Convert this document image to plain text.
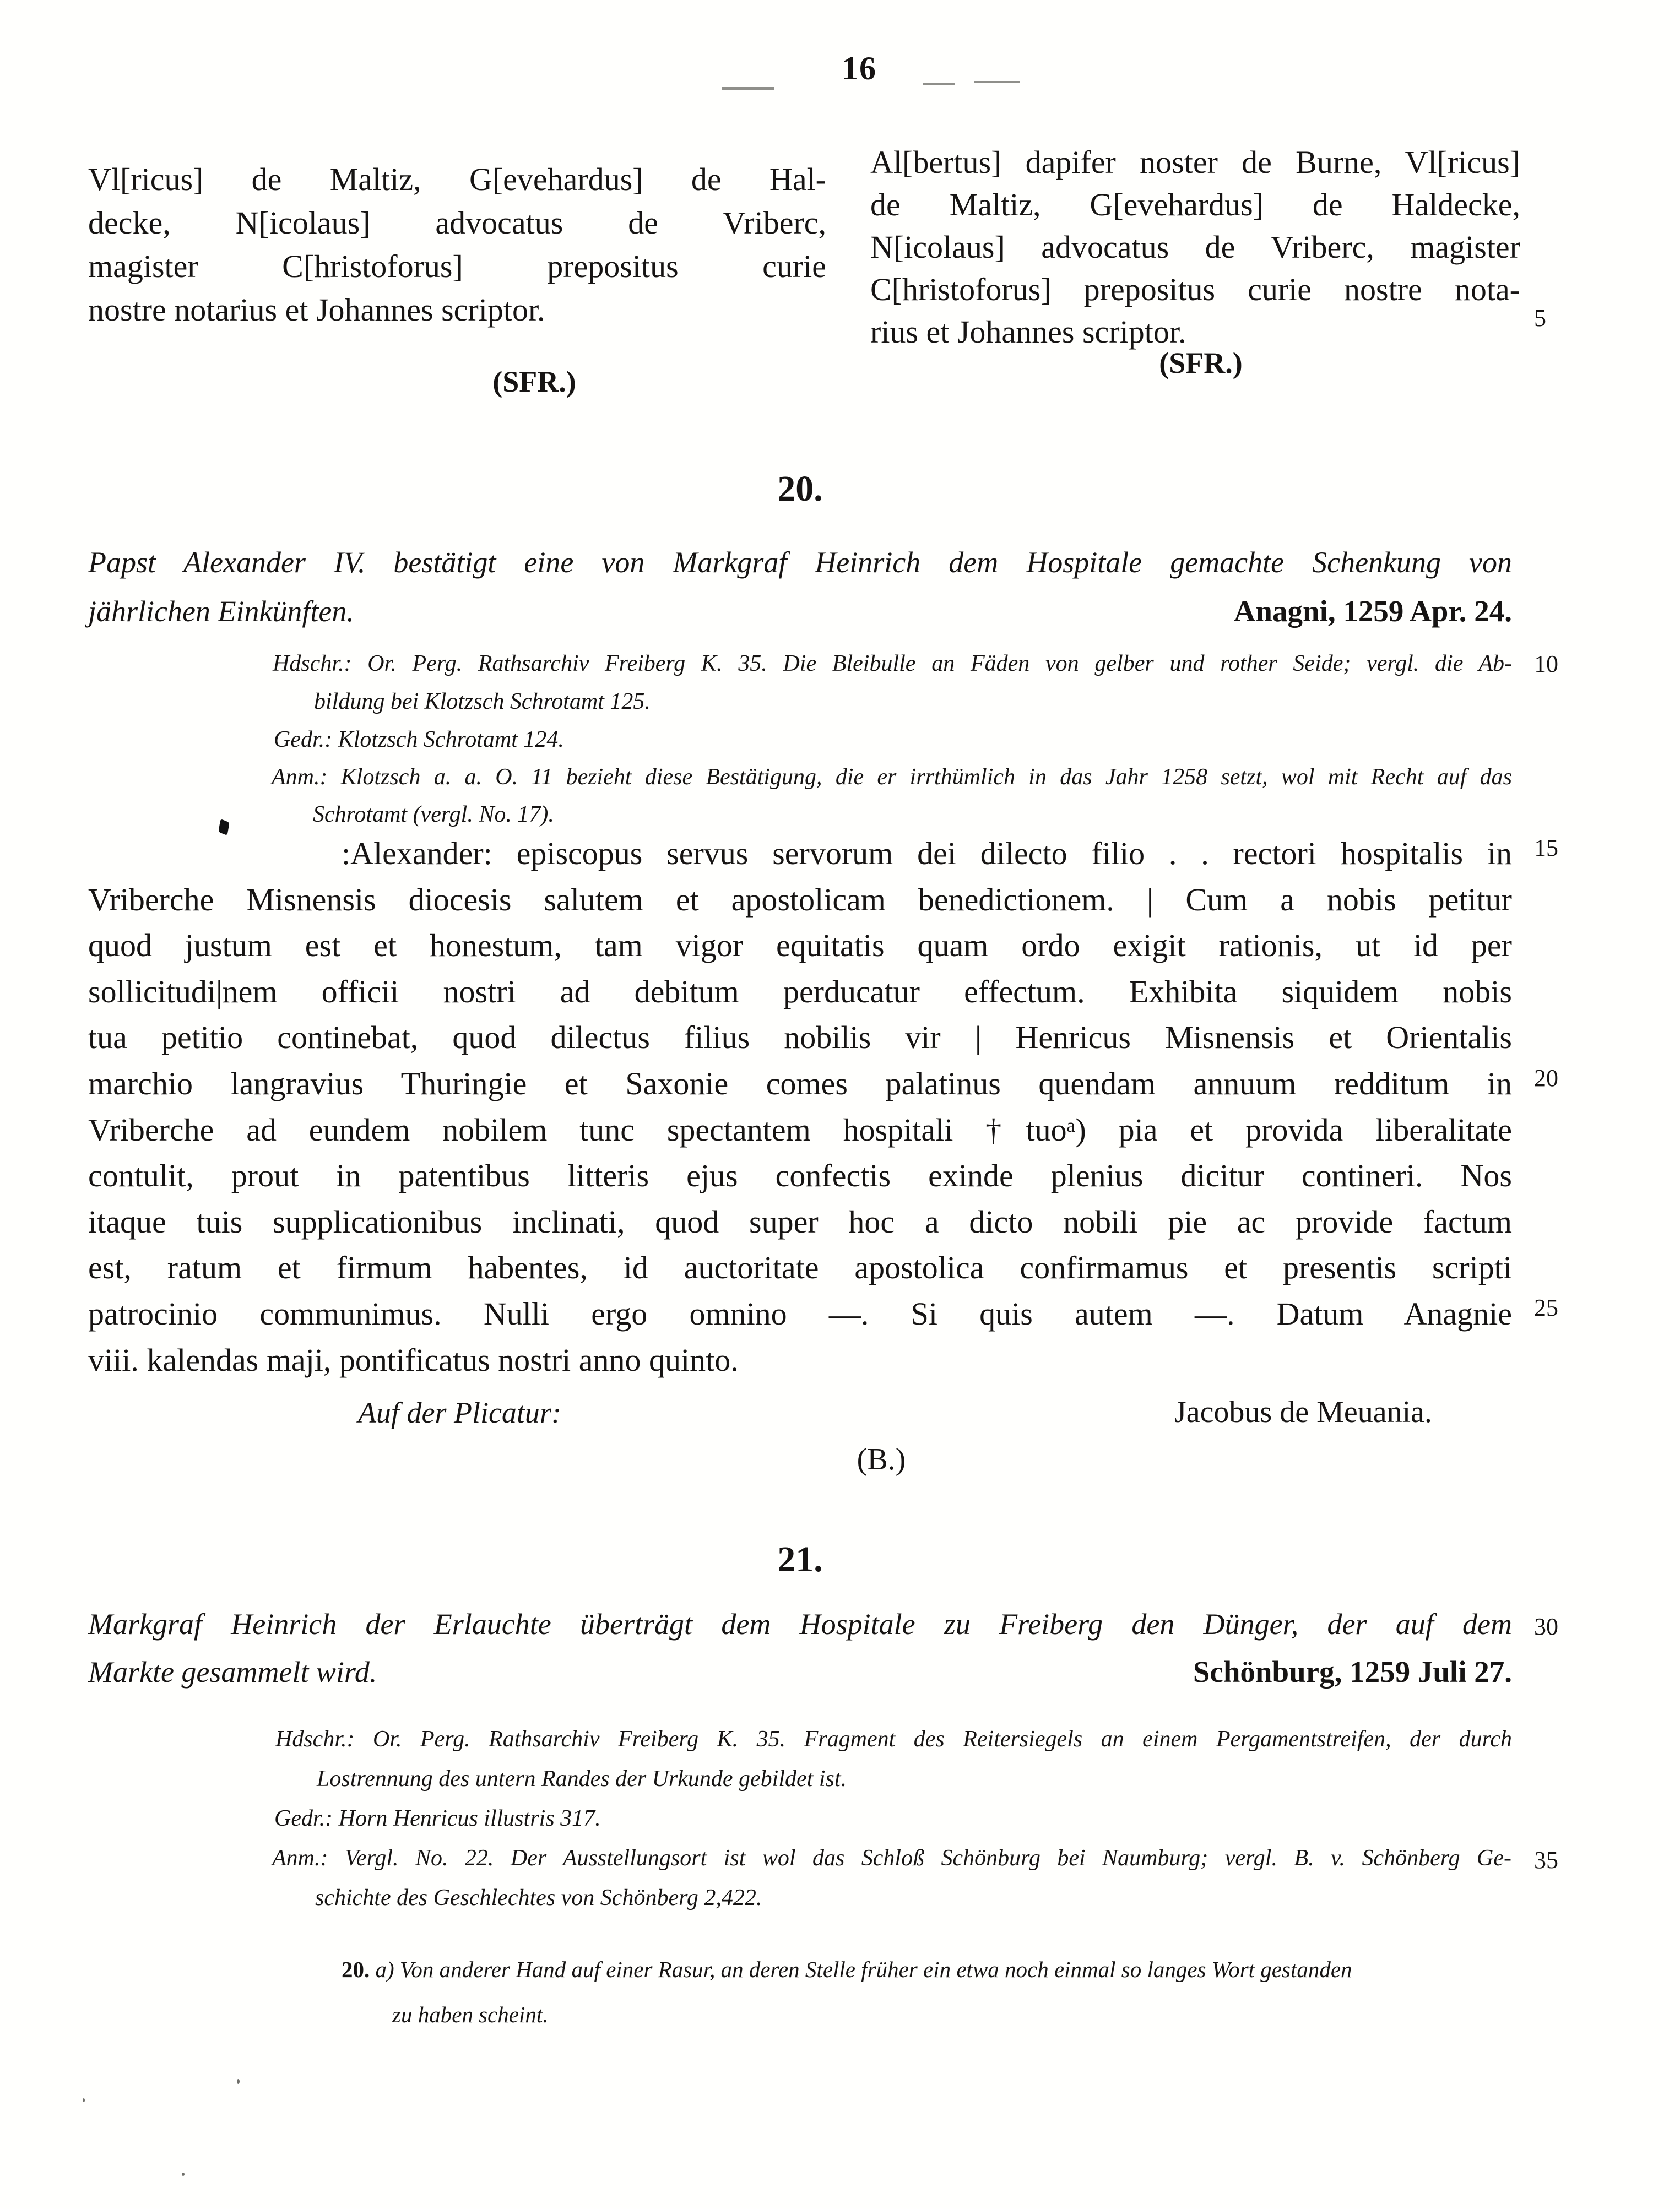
16
Vl[ricus] de Maltiz, G[evehardus] de Hal-
decke, N[icolaus] advocatus de Vriberc,
magister C[hristoforus] prepositus curie
nostre notarius et Johannes scriptor.
(SFR.)
Al[bertus] dapifer noster de Burne, Vl[ricus]
de Maltiz, G[evehardus] de Haldecke,
N[icolaus] advocatus de Vriberc, magister
C[hristoforus] prepositus curie nostre nota-
rius et Johannes scriptor.
(SFR.)
5
10
15
20
25
30
35
20.
Papst Alexander IV. bestätigt eine von Markgraf Heinrich dem Hospitale gemachte Schenkung von
jährlichen Einkünften.	Anagni, 1259 Apr. 24.
Hdschr.: Or. Perg. Rathsarchiv Freiberg K. 35. Die Bleibulle an Fäden von gelber und rother Seide; vergl. die Ab-
bildung bei Klotzsch Schrotamt 125.
Gedr.: Klotzsch Schrotamt 124.
Anm.: Klotzsch a. a. O. 11 bezieht diese Bestätigung, die er irrthümlich in das Jahr 1258 setzt, wol mit Recht auf das
Schrotamt (vergl. No. 17).
:Alexander: episcopus servus servorum dei dilecto filio . . rectori hospitalis in
Vriberche Misnensis diocesis salutem et apostolicam benedictionem. | Cum a nobis petitur
quod justum est et honestum, tam vigor equitatis quam ordo exigit rationis, ut id per
sollicitudi|nem officii nostri ad debitum perducatur effectum. Exhibita siquidem nobis
tua petitio continebat, quod dilectus filius nobilis vir | Henricus Misnensis et Orientalis
marchio langravius Thuringie et Saxonie comes palatinus quendam annuum redditum in
Vriberche ad eundem nobilem tunc spectantem hospitali †tuoᵃ) pia et provida liberalitate
contulit, prout in patentibus litteris ejus confectis exinde plenius dicitur contineri. Nos
itaque tuis supplicationibus inclinati, quod super hoc a dicto nobili pie ac provide factum
est, ratum et firmum habentes, id auctoritate apostolica confirmamus et presentis scripti
patrocinio communimus. Nulli ergo omnino —. Si quis autem —. Datum Anagnie
viii. kalendas maji, pontificatus nostri anno quinto.
Auf der Plicatur:	Jacobus de Meuania.
(B.)
21.
Markgraf Heinrich der Erlauchte überträgt dem Hospitale zu Freiberg den Dünger, der auf dem
Markte gesammelt wird.	Schönburg, 1259 Juli 27.
Hdschr.: Or. Perg. Rathsarchiv Freiberg K. 35. Fragment des Reitersiegels an einem Pergamentstreifen, der durch
Lostrennung des untern Randes der Urkunde gebildet ist.
Gedr.: Horn Henricus illustris 317.
Anm.: Vergl. No. 22. Der Ausstellungsort ist wol das Schloß Schönburg bei Naumburg; vergl. B. v. Schönberg Ge-
schichte des Geschlechtes von Schönberg 2,422.
20. a) Von anderer Hand auf einer Rasur, an deren Stelle früher ein etwa noch einmal so langes Wort gestanden
zu haben scheint.
